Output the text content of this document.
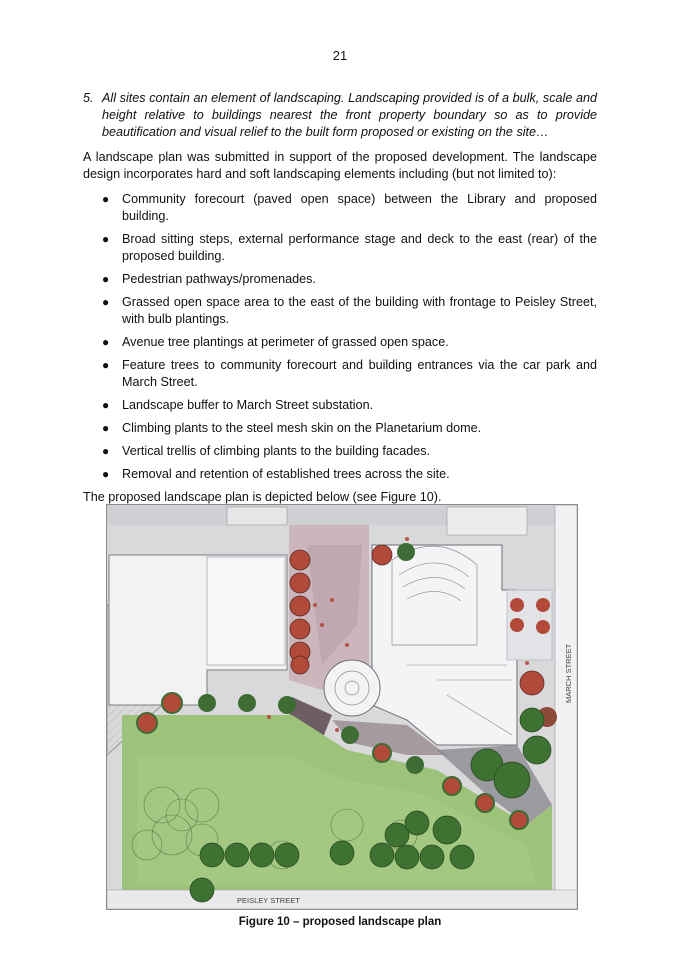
21
5. All sites contain an element of landscaping. Landscaping provided is of a bulk, scale and height relative to buildings nearest the front property boundary so as to provide beautification and visual relief to the built form proposed or existing on the site…

A landscape plan was submitted in support of the proposed development. The landscape design incorporates hard and soft landscaping elements including (but not limited to):

●	Community forecourt (paved open space) between the Library and proposed building.
●	Broad sitting steps, external performance stage and deck to the east (rear) of the proposed building.
●	Pedestrian pathways/promenades.
●	Grassed open space area to the east of the building with frontage to Peisley Street, with bulb plantings.
●	Avenue tree plantings at perimeter of grassed open space.
●	Feature trees to community forecourt and building entrances via the car park and March Street.
●	Landscape buffer to March Street substation.
●	Climbing plants to the steel mesh skin on the Planetarium dome.
●	Vertical trellis of climbing plants to the building facades.
●	Removal and retention of established trees across the site.

The proposed landscape plan is depicted below (see Figure 10).

MARCH STREET
PEISLEY STREET
Figure 10 – proposed landscape plan
